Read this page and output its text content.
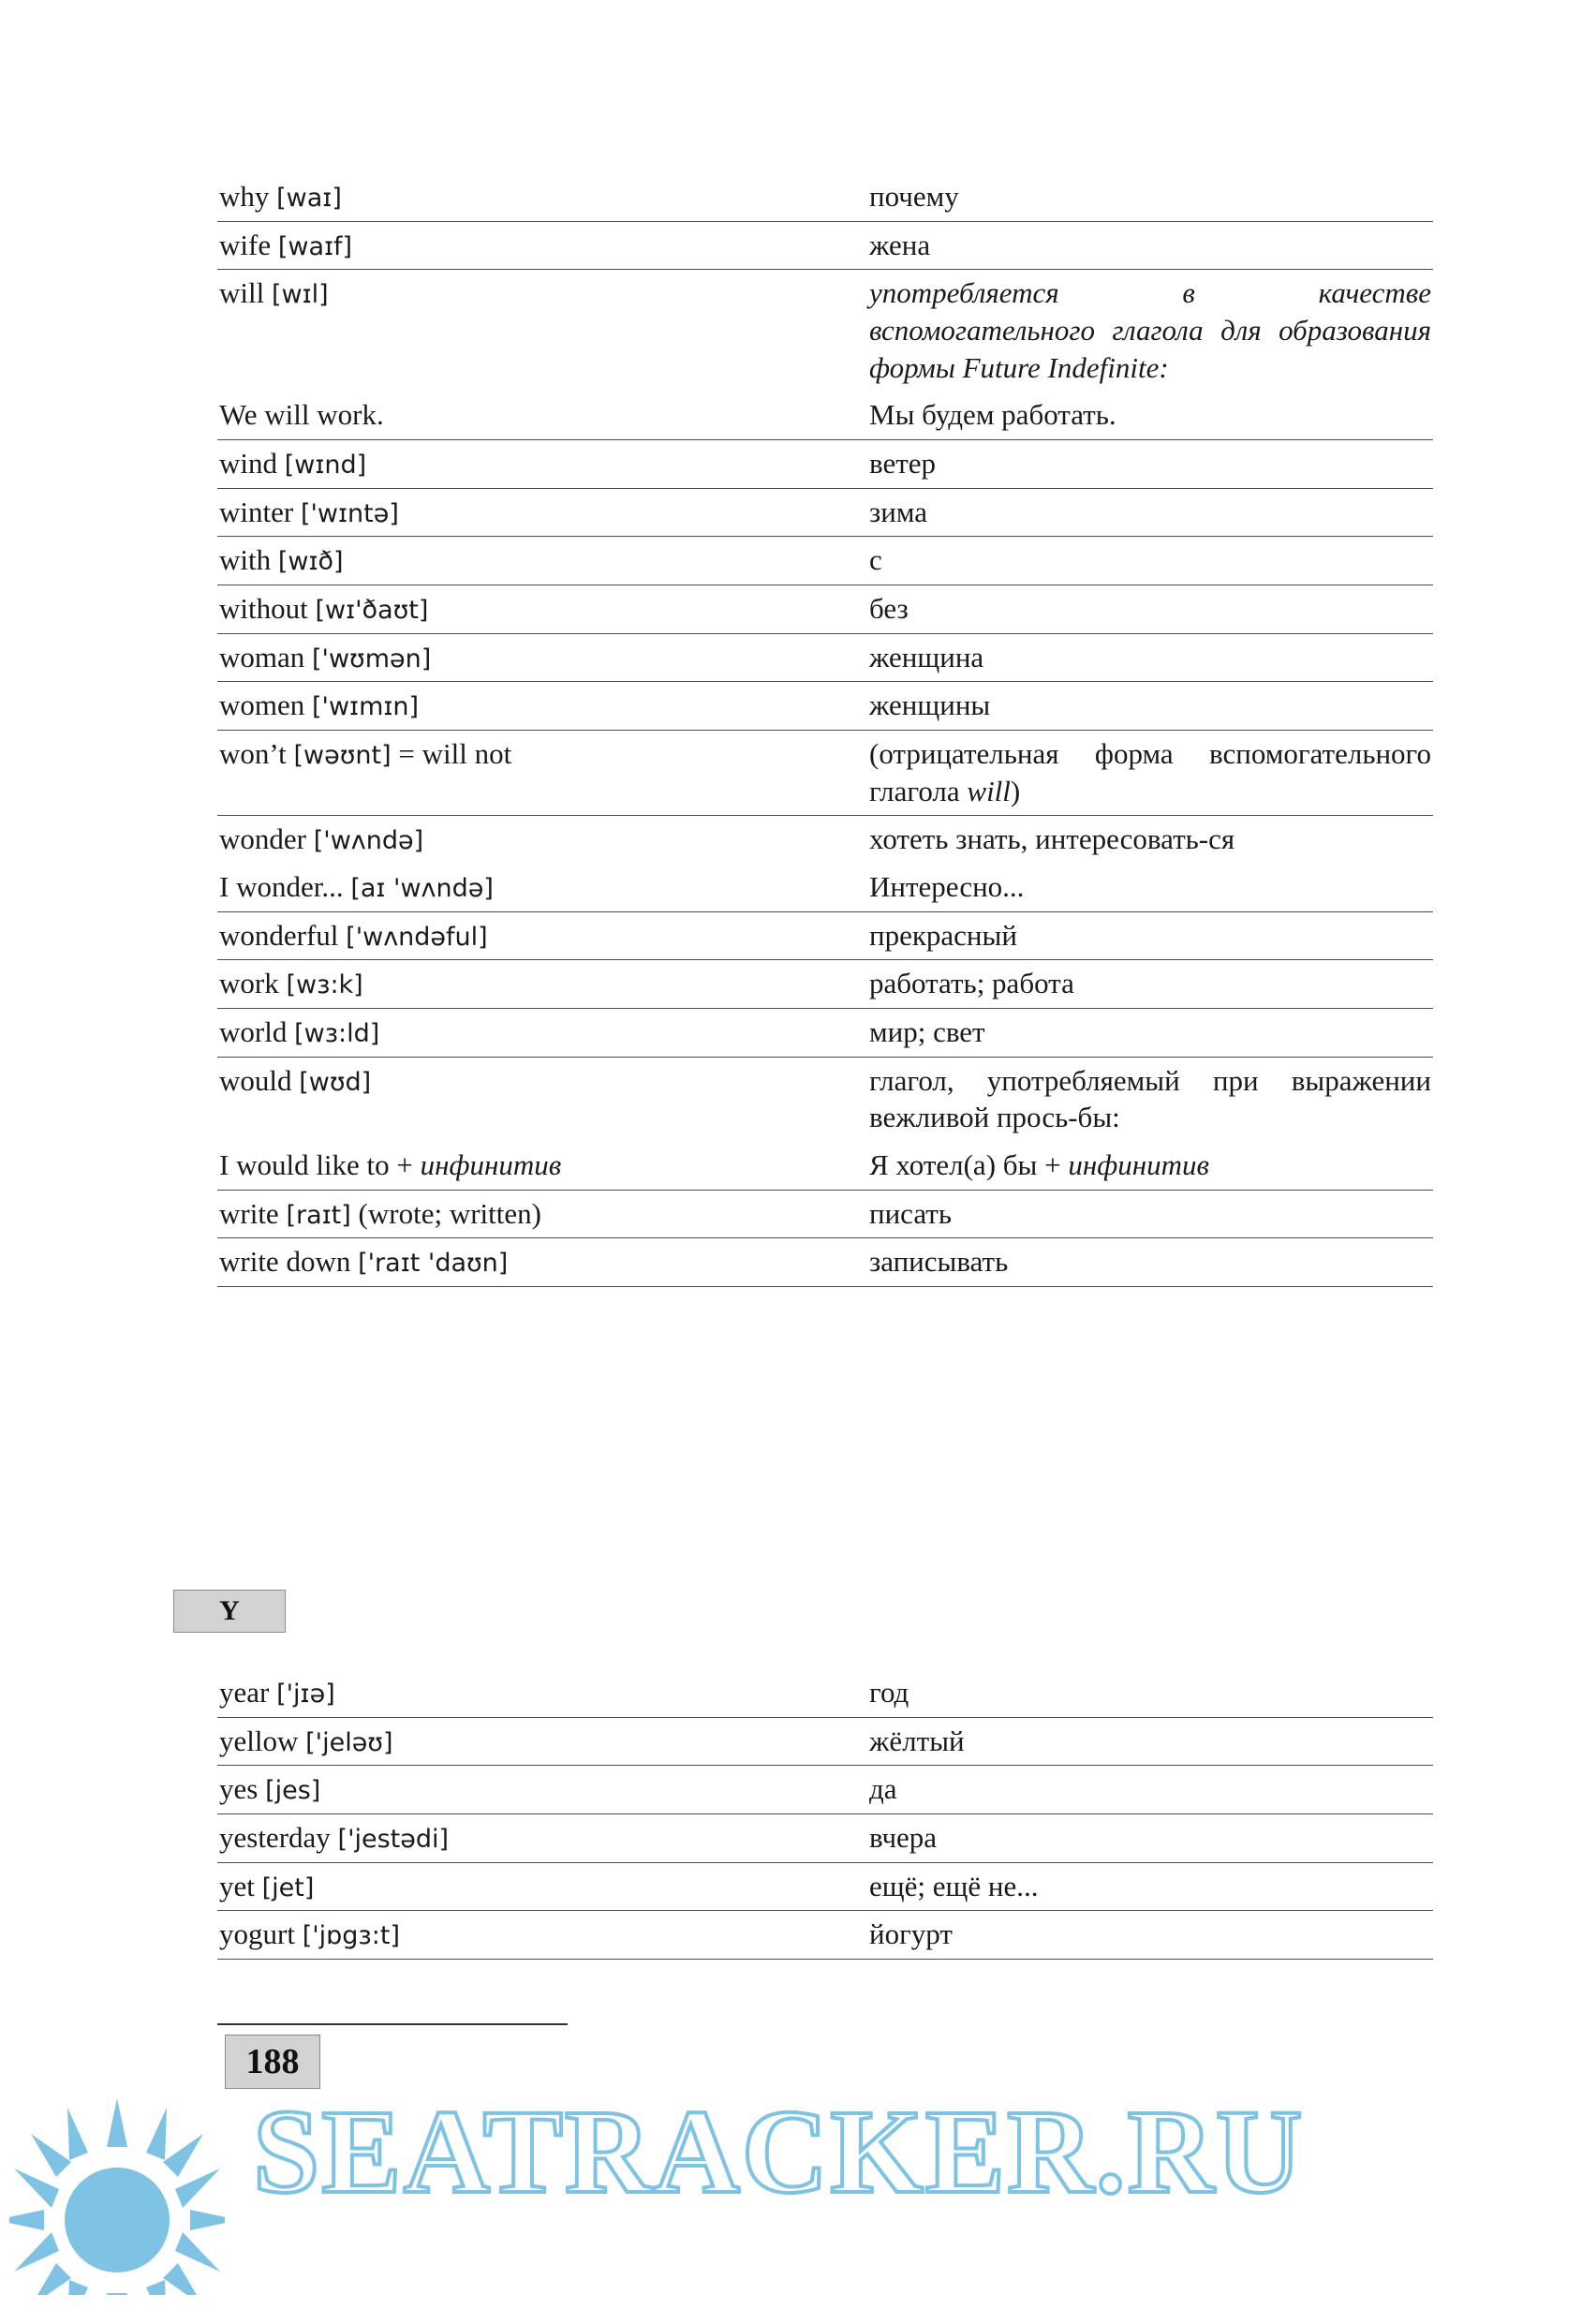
why [waɪ]	почему
wife [waɪf]	жена
will [wɪl]	употребляется в качестве вспомогательного глагола для образования формы Future Indefinite:
We will work.	Мы будем работать.
wind [wɪnd]	ветер
winter ['wɪntə]	зима
with [wɪð]	с
without [wɪ'ðaʊt]	без
woman ['wʊmən]	женщина
women ['wɪmɪn]	женщины
won’t [wəʊnt] = will not	(отрицательная форма вспомогательного глагола will)
wonder ['wʌndə]	хотеть знать, интересовать-ся
I wonder... [aɪ 'wʌndə]	Интересно...
wonderful ['wʌndəful]	прекрасный
work [wɜ:k]	работать; работа
world [wɜ:ld]	мир; свет
would [wʊd]	глагол, употребляемый при выражении вежливой прось-бы:
I would like to + инфинитив	Я хотел(а) бы + инфинитив
write [raɪt] (wrote; written)	писать
write down ['raɪt 'daʊn]	записывать
Y
year ['jɪə]	год
yellow ['jeləʊ]	жёлтый
yes [jes]	да
yesterday ['jestədi]	вчера
yet [jet]	ещё; ещё не...
yogurt ['jɒgɜ:t]	йогурт
188
SEATRACKER.RU
